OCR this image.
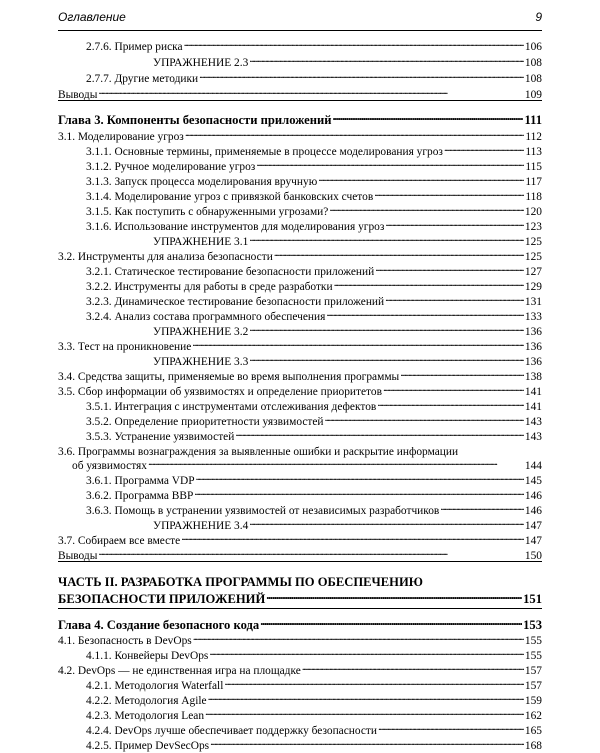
Оглавление	9
2.7.6. Пример риска . . .	106
УПРАЖНЕНИЕ 2.3 . . .	108
2.7.7. Другие методики . . .	108
Выводы . . .	109
Глава 3. Компоненты безопасности приложений . . .	111
3.1. Моделирование угроз . . .	112
3.1.1. Основные термины, применяемые в процессе моделирования угроз . . .	113
3.1.2. Ручное моделирование угроз . . .	115
3.1.3. Запуск процесса моделирования вручную . . .	117
3.1.4. Моделирование угроз с привязкой банковских счетов . . .	118
3.1.5. Как поступить с обнаруженными угрозами? . . .	120
3.1.6. Использование инструментов для моделирования угроз . . .	123
УПРАЖНЕНИЕ 3.1 . . .	125
3.2. Инструменты для анализа безопасности . . .	125
3.2.1. Статическое тестирование безопасности приложений . . .	127
3.2.2. Инструменты для работы в среде разработки . . .	129
3.2.3. Динамическое тестирование безопасности приложений . . .	131
3.2.4. Анализ состава программного обеспечения . . .	133
УПРАЖНЕНИЕ 3.2 . . .	136
3.3. Тест на проникновение . . .	136
УПРАЖНЕНИЕ 3.3 . . .	136
3.4. Средства защиты, применяемые во время выполнения программы . . .	138
3.5. Сбор информации об уязвимостях и определение приоритетов . . .	141
3.5.1. Интеграция с инструментами отслеживания дефектов . . .	141
3.5.2. Определение приоритетности уязвимостей . . .	143
3.5.3. Устранение уязвимостей . . .	143
3.6. Программы вознаграждения за выявленные ошибки и раскрытие информации
об уязвимостях . . .	144
3.6.1. Программа VDP . . .	145
3.6.2. Программа BBP . . .	146
3.6.3. Помощь в устранении уязвимостей от независимых разработчиков . . .	146
УПРАЖНЕНИЕ 3.4 . . .	147
3.7. Собираем все вместе . . .	147
Выводы . . .	150
ЧАСТЬ II. РАЗРАБОТКА ПРОГРАММЫ ПО ОБЕСПЕЧЕНИЮ
БЕЗОПАСНОСТИ ПРИЛОЖЕНИЙ . . .	151
Глава 4. Создание безопасного кода . . .	153
4.1. Безопасность в DevOps . . .	155
4.1.1. Конвейеры DevOps . . .	155
4.2. DevOps — не единственная игра на площадке . . .	157
4.2.1. Методология Waterfall . . .	157
4.2.2. Методология Agile . . .	159
4.2.3. Методология Lean . . .	162
4.2.4. DevOps лучше обеспечивает поддержку безопасности . . .	165
4.2.5. Пример DevSecOps . . .	168
